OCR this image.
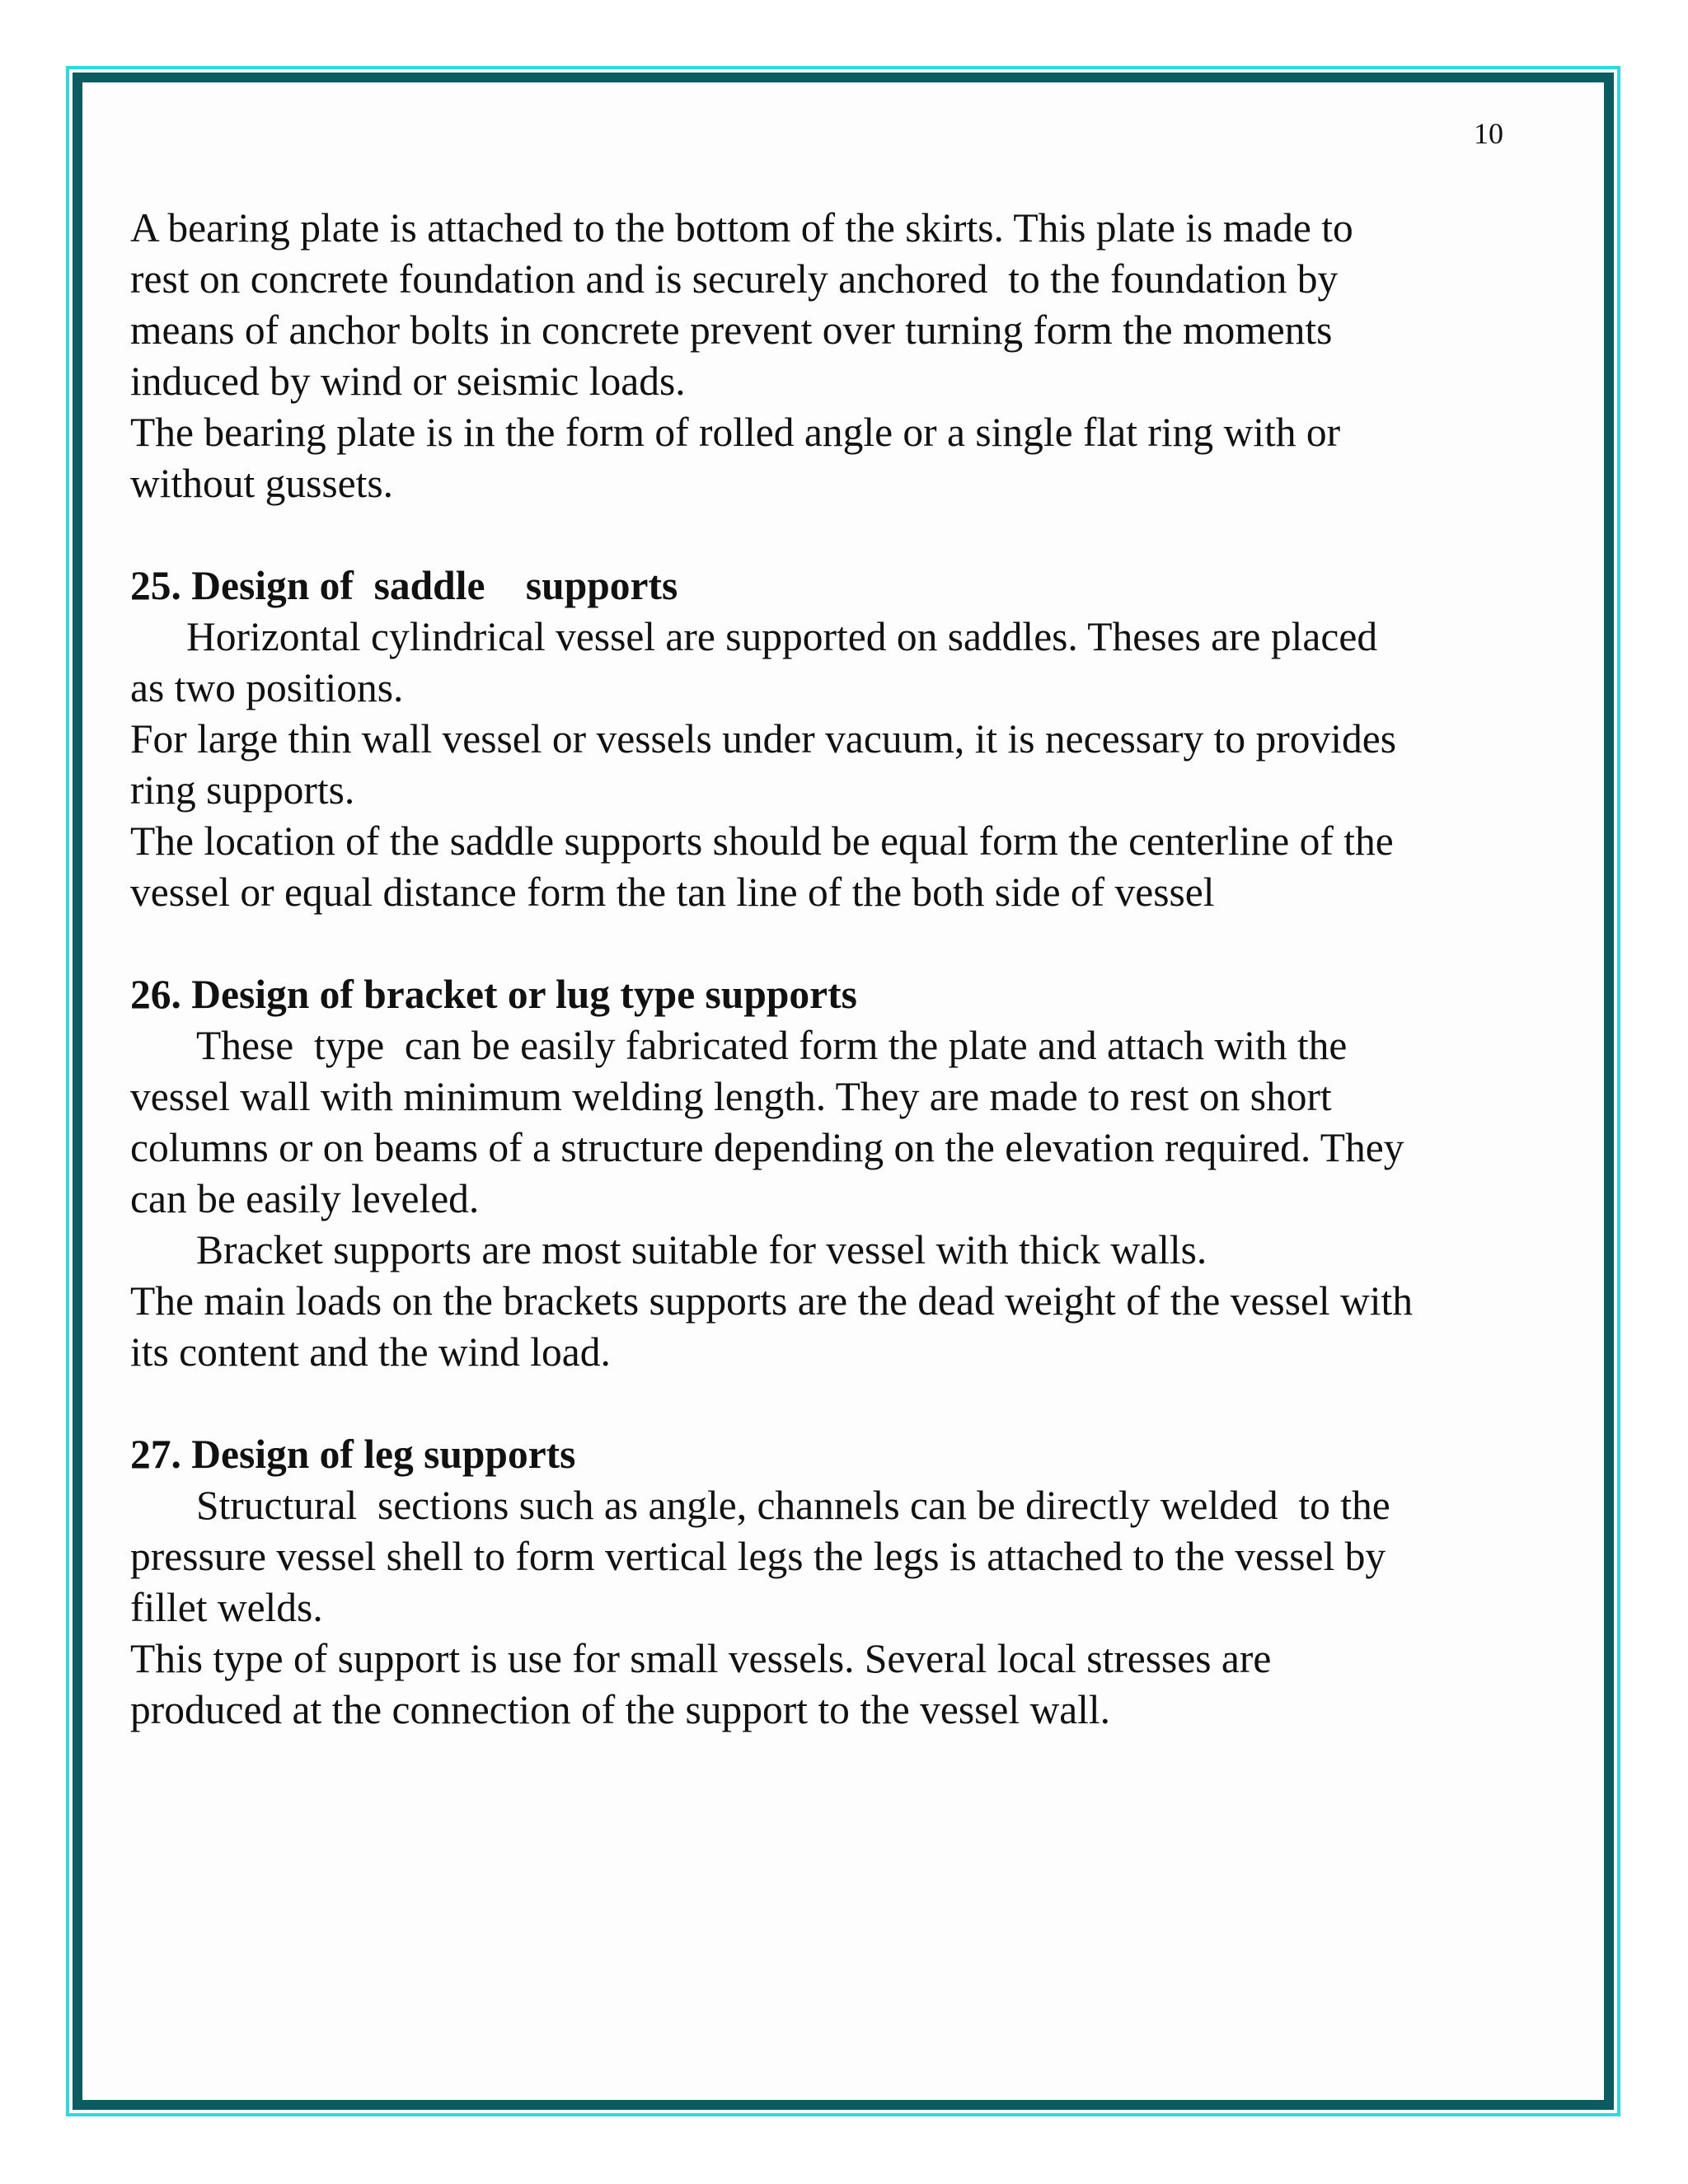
10

A bearing plate is attached to the bottom of the skirts. This plate is made to

rest on concrete foundation and is securely anchored  to the foundation by

means of anchor bolts in concrete prevent over turning form the moments

induced by wind or seismic loads.

The bearing plate is in the form of rolled angle or a single flat ring with or

without gussets.

25. Design of  saddle    supports

Horizontal cylindrical vessel are supported on saddles. Theses are placed

as two positions.

For large thin wall vessel or vessels under vacuum, it is necessary to provides

ring supports.

The location of the saddle supports should be equal form the centerline of the

vessel or equal distance form the tan line of the both side of vessel

26. Design of bracket or lug type supports

These  type  can be easily fabricated form the plate and attach with the

vessel wall with minimum welding length. They are made to rest on short

columns or on beams of a structure depending on the elevation required. They

can be easily leveled.

Bracket supports are most suitable for vessel with thick walls.

The main loads on the brackets supports are the dead weight of the vessel with

its content and the wind load.

27. Design of leg supports

Structural  sections such as angle, channels can be directly welded  to the

pressure vessel shell to form vertical legs the legs is attached to the vessel by

fillet welds.

This type of support is use for small vessels. Several local stresses are

produced at the connection of the support to the vessel wall.
